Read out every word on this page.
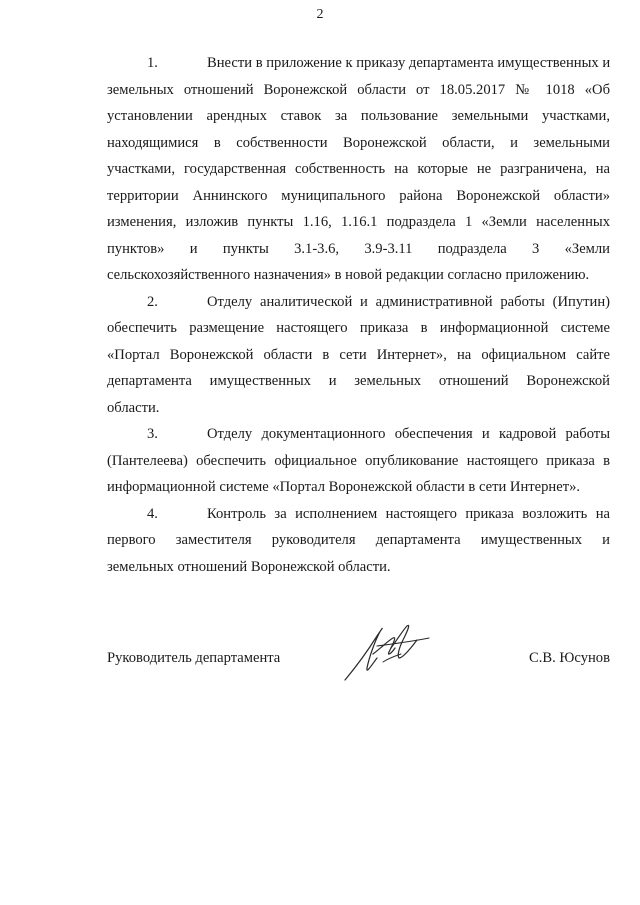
2
1.	Внести в приложение к приказу департамента имущественных и
земельных отношений Воронежской области от 18.05.2017 № 1018 «Об
установлении арендных ставок за пользование земельными участками,
находящимися в собственности Воронежской области, и земельными
участками, государственная собственность на которые не разграничена, на
территории Аннинского муниципального района Воронежской области»
изменения, изложив пункты 1.16, 1.16.1 подраздела 1 «Земли населенных
пунктов» и пункты 3.1-3.6, 3.9-3.11 подраздела 3 «Земли
сельскохозяйственного назначения» в новой редакции согласно приложению.
2.	Отделу аналитической и административной работы (Ипутин)
обеспечить размещение настоящего приказа в информационной системе
«Портал Воронежской области в сети Интернет», на официальном сайте
департамента имущественных и земельных отношений Воронежской
области.
3.	Отделу документационного обеспечения и кадровой работы
(Пантелеева) обеспечить официальное опубликование настоящего приказа в
информационной системе «Портал Воронежской области в сети Интернет».
4.	Контроль за исполнением настоящего приказа возложить на
первого заместителя руководителя департамента имущественных и
земельных отношений Воронежской области.
Руководитель департамента	С.В. Юсунов
